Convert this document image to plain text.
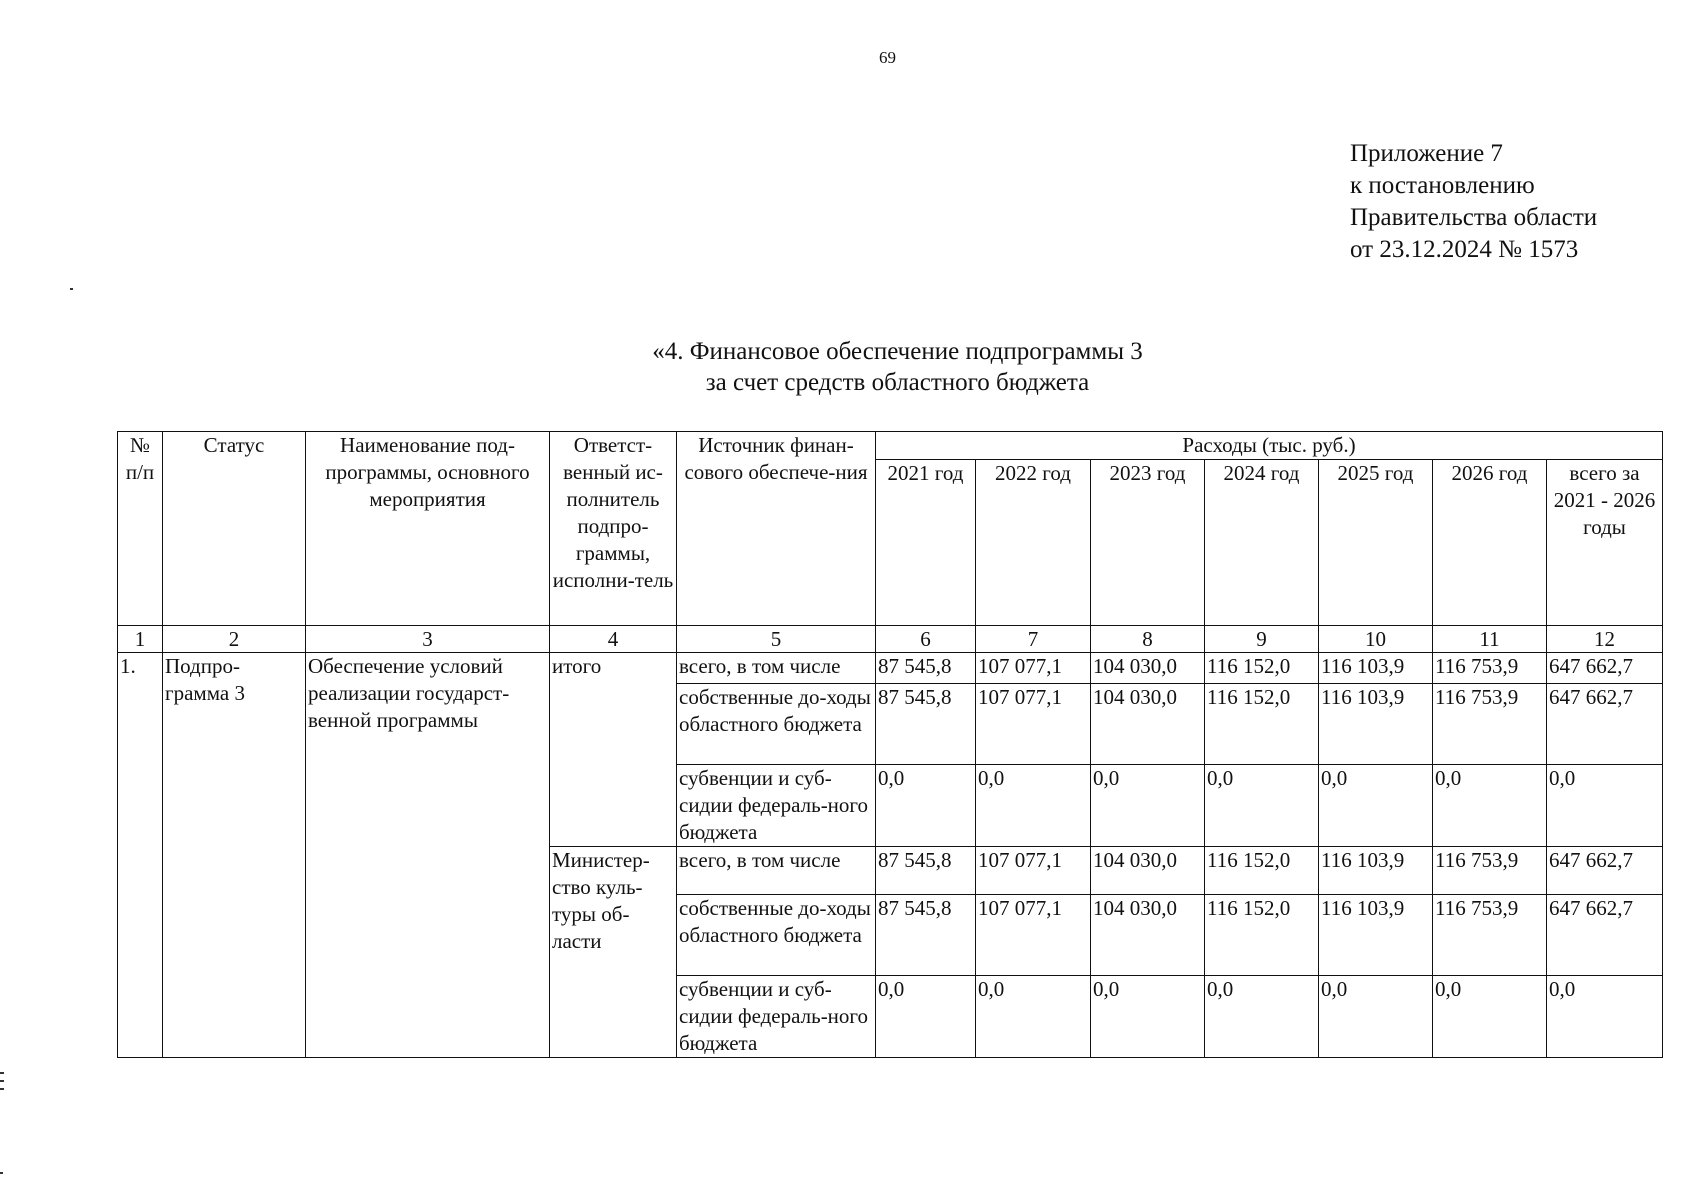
69
Приложение 7
к постановлению
Правительства области
от 23.12.2024 № 1573
«4. Финансовое обеспечение подпрограммы 3
за счет средств областного бюджета
№ п/п	Статус	Наименование под-программы, основного мероприятия	Ответст-венный ис-полнитель подпро-граммы, исполни-тель	Источник финан-сового обеспече-ния	Расходы (тыс. руб.)						
					2021 год	2022 год	2023 год	2024 год	2025 год	2026 год	всего за 2021 - 2026 годы
1	2	3	4	5	6	7	8	9	10	11	12
1.	Подпро-грамма 3	Обеспечение условий реализации государст-венной программы	итого	всего, в том числе	87 545,8	107 077,1	104 030,0	116 152,0	116 103,9	116 753,9	647 662,7
				собственные до-ходы областного бюджета	87 545,8	107 077,1	104 030,0	116 152,0	116 103,9	116 753,9	647 662,7
				субвенции и суб-сидии федераль-ного бюджета	0,0	0,0	0,0	0,0	0,0	0,0	0,0
			Министер-ство куль-туры об-ласти	всего, в том числе	87 545,8	107 077,1	104 030,0	116 152,0	116 103,9	116 753,9	647 662,7
				собственные до-ходы областного бюджета	87 545,8	107 077,1	104 030,0	116 152,0	116 103,9	116 753,9	647 662,7
				субвенции и суб-сидии федераль-ного бюджета	0,0	0,0	0,0	0,0	0,0	0,0	0,0
